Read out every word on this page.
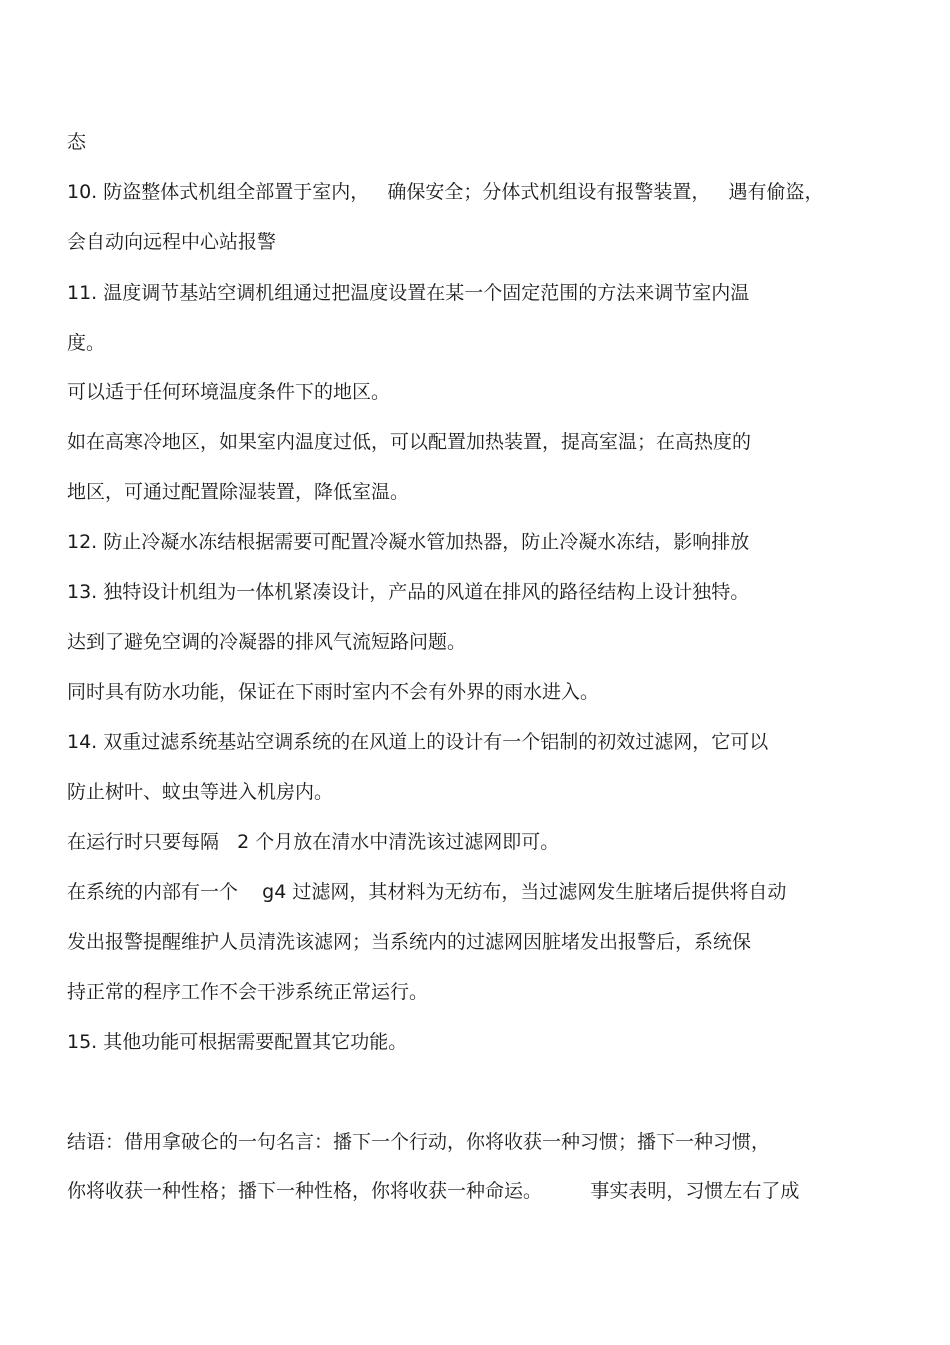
态

10. 防盗整体式机组全部置于室内，   确保安全；分体式机组设有报警装置，   遇有偷盗，

会自动向远程中心站报警

11. 温度调节基站空调机组通过把温度设置在某一个固定范围的方法来调节室内温

度。

可以适于任何环境温度条件下的地区。

如在高寒冷地区，如果室内温度过低，可以配置加热装置，提高室温；在高热度的

地区，可通过配置除湿装置，降低室温。

12. 防止冷凝水冻结根据需要可配置冷凝水管加热器，防止冷凝水冻结，影响排放

13. 独特设计机组为一体机紧凑设计，产品的风道在排风的路径结构上设计独特。

达到了避免空调的冷凝器的排风气流短路问题。

同时具有防水功能，保证在下雨时室内不会有外界的雨水进入。

14. 双重过滤系统基站空调系统的在风道上的设计有一个铝制的初效过滤网，它可以

防止树叶、蚊虫等进入机房内。

在运行时只要每隔   2 个月放在清水中清洗该过滤网即可。

在系统的内部有一个    g4 过滤网，其材料为无纺布，当过滤网发生脏堵后提供将自动

发出报警提醒维护人员清洗该滤网；当系统内的过滤网因脏堵发出报警后，系统保

持正常的程序工作不会干涉系统正常运行。

15. 其他功能可根据需要配置其它功能。

结语：借用拿破仑的一句名言：播下一个行动，你将收获一种习惯；播下一种习惯，

你将收获一种性格；播下一种性格，你将收获一种命运。        事实表明，习惯左右了成
